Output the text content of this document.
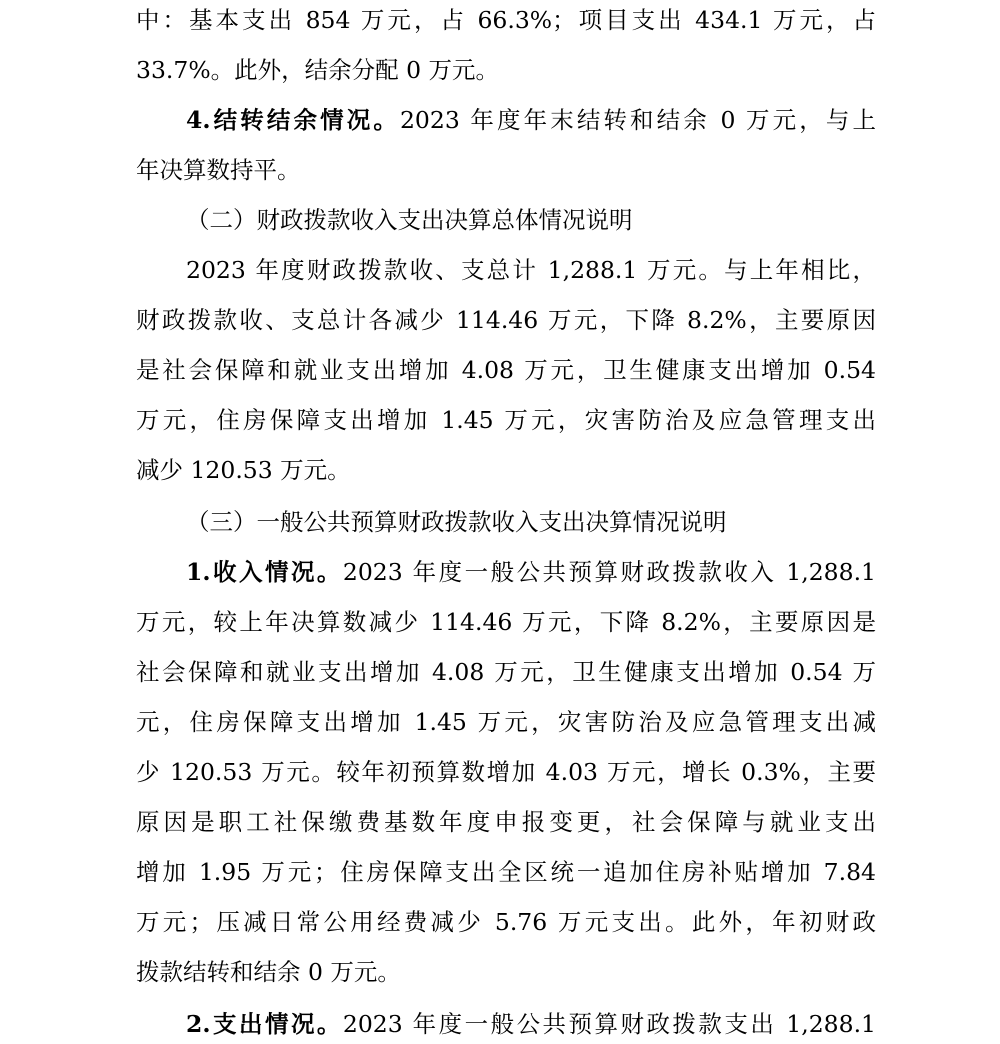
中：基本支出 854 万元，占 66.3%；项目支出 434.1 万元，占
33.7%。此外，结余分配 0 万元。
4.结转结余情况。2023 年度年末结转和结余 0 万元，与上
年决算数持平。
（二）财政拨款收入支出决算总体情况说明
2023 年度财政拨款收、支总计 1,288.1 万元。与上年相比，
财政拨款收、支总计各减少 114.46 万元，下降 8.2%，主要原因
是社会保障和就业支出增加 4.08 万元，卫生健康支出增加 0.54
万元，住房保障支出增加 1.45 万元，灾害防治及应急管理支出
减少 120.53 万元。
（三）一般公共预算财政拨款收入支出决算情况说明
1.收入情况。2023 年度一般公共预算财政拨款收入 1,288.1
万元，较上年决算数减少 114.46 万元，下降 8.2%，主要原因是
社会保障和就业支出增加 4.08 万元，卫生健康支出增加 0.54 万
元，住房保障支出增加 1.45 万元，灾害防治及应急管理支出减
少 120.53 万元。较年初预算数增加 4.03 万元，增长 0.3%，主要
原因是职工社保缴费基数年度申报变更，社会保障与就业支出
增加 1.95 万元；住房保障支出全区统一追加住房补贴增加 7.84
万元；压减日常公用经费减少 5.76 万元支出。此外，年初财政
拨款结转和结余 0 万元。
2.支出情况。2023 年度一般公共预算财政拨款支出 1,288.1
